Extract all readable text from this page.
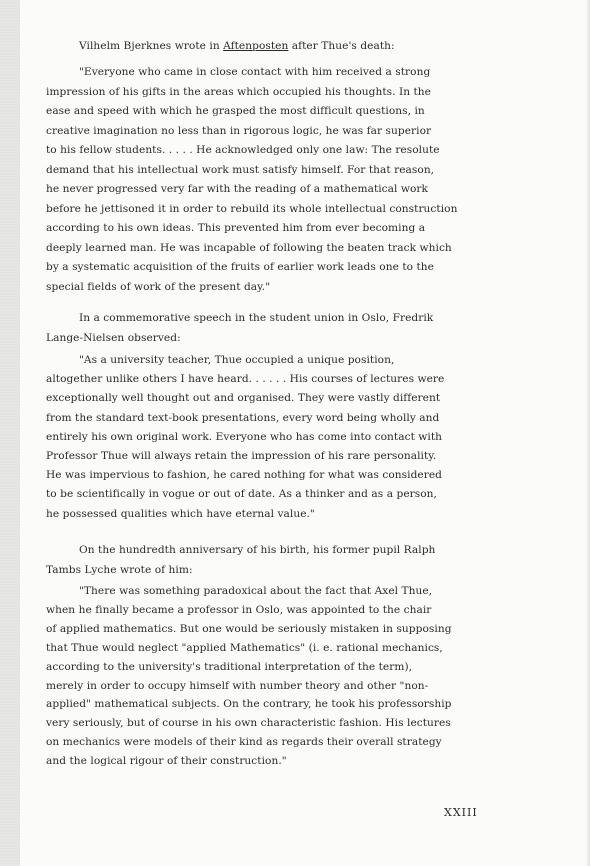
Vilhelm Bjerknes wrote in Aftenposten after Thue's death:
"Everyone who came in close contact with him received a strong
impression of his gifts in the areas which occupied his thoughts. In the
ease and speed with which he grasped the most difficult questions, in
creative imagination no less than in rigorous logic, he was far superior
to his fellow students. . . . . He acknowledged only one law: The resolute
demand that his intellectual work must satisfy himself. For that reason,
he never progressed very far with the reading of a mathematical work
before he jettisoned it in order to rebuild its whole intellectual construction
according to his own ideas. This prevented him from ever becoming a
deeply learned man. He was incapable of following the beaten track which
by a systematic acquisition of the fruits of earlier work leads one to the
special fields of work of the present day."
In a commemorative speech in the student union in Oslo, Fredrik
Lange-Nielsen observed:
"As a university teacher, Thue occupied a unique position,
altogether unlike others I have heard. . . . . . His courses of lectures were
exceptionally well thought out and organised. They were vastly different
from the standard text-book presentations, every word being wholly and
entirely his own original work. Everyone who has come into contact with
Professor Thue will always retain the impression of his rare personality.
He was impervious to fashion, he cared nothing for what was considered
to be scientifically in vogue or out of date. As a thinker and as a person,
he possessed qualities which have eternal value."
On the hundredth anniversary of his birth, his former pupil Ralph
Tambs Lyche wrote of him:
"There was something paradoxical about the fact that Axel Thue,
when he finally became a professor in Oslo, was appointed to the chair
of applied mathematics. But one would be seriously mistaken in supposing
that Thue would neglect "applied Mathematics" (i. e. rational mechanics,
according to the university's traditional interpretation of the term),
merely in order to occupy himself with number theory and other "non-
applied" mathematical subjects. On the contrary, he took his professorship
very seriously, but of course in his own characteristic fashion. His lectures
on mechanics were models of their kind as regards their overall strategy
and the logical rigour of their construction."
XXIII
